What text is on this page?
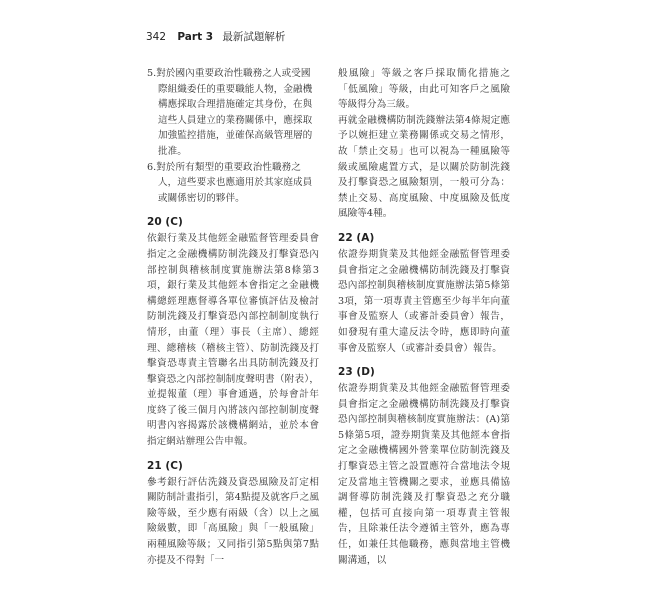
342 Part 3 最新試題解析

5.對於國內重要政治性職務之人或受國際組織委任的重要職能人物，金融機構應採取合理措施確定其身份，在與這些人員建立的業務關係中，應採取加強監控措施，並確保高級管理層的批准。

6.對於所有類型的重要政治性職務之人，這些要求也應適用於其家庭成員或關係密切的夥伴。

20 (C)

依銀行業及其他經金融監督管理委員會指定之金融機構防制洗錢及打擊資恐內部控制與稽核制度實施辦法第8條第3項，銀行業及其他經本會指定之金融機構總經理應督導各單位審慎評估及檢討防制洗錢及打擊資恐內部控制制度執行情形，由董（理）事長（主席）、總經理、總稽核（稽核主管）、防制洗錢及打擊資恐專責主管聯名出具防制洗錢及打擊資恐之內部控制制度聲明書（附表），並提報董（理）事會通過，於每會計年度終了後三個月內將該內部控制制度聲明書內容揭露於該機構網站，並於本會指定網站辦理公告申報。

21 (C)

參考銀行評估洗錢及資恐風險及訂定相關防制計畫指引，第4點提及就客戶之風險等級，至少應有兩級（含）以上之風險級數，即「高風險」與「一般風險」兩種風險等級；又同指引第5點與第7點亦提及不得對「一

般風險」等級之客戶採取簡化措施之「低風險」等級，由此可知客戶之風險等級得分為三級。

再就金融機構防制洗錢辦法第4條規定應予以婉拒建立業務關係或交易之情形，故「禁止交易」也可以視為一種風險等級或風險處置方式，是以關於防制洗錢及打擊資恐之風險類別，一般可分為：禁止交易、高度風險、中度風險及低度風險等4種。

22 (A)

依證券期貨業及其他經金融監督管理委員會指定之金融機構防制洗錢及打擊資恐內部控制與稽核制度實施辦法第5條第3項，第一項專責主管應至少每半年向董事會及監察人（或審計委員會）報告，如發現有重大違反法令時，應即時向董事會及監察人（或審計委員會）報告。

23 (D)

依證券期貨業及其他經金融監督管理委員會指定之金融機構防制洗錢及打擊資恐內部控制與稽核制度實施辦法：(A)第5條第5項，證券期貨業及其他經本會指定之金融機構國外營業單位防制洗錢及打擊資恐主管之設置應符合當地法令規定及當地主管機關之要求，並應具備協調督導防制洗錢及打擊資恐之充分職權，包括可直接向第一項專責主管報告，且除兼任法令遵循主管外，應為專任，如兼任其他職務，應與當地主管機關溝通，以
